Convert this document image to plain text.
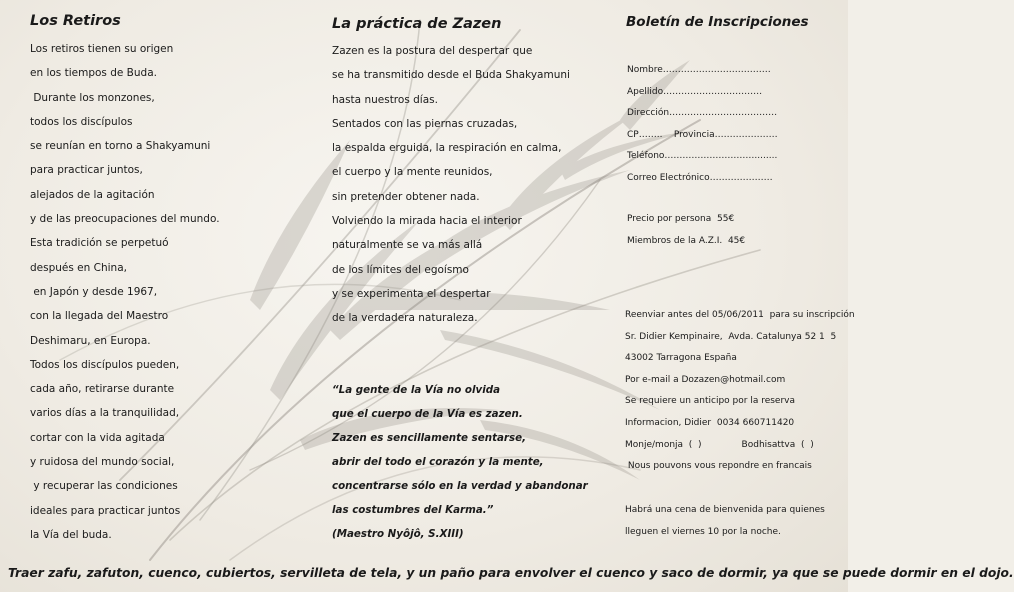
Los Retiros
Los retiros tienen su origen
en los tiempos de Buda.
Durante los monzones,
todos los discípulos
se reunían en torno a Shakyamuni
para practicar juntos,
alejados de la agitación
y de las preocupaciones del mundo.
Esta tradición se perpetuó
después en China,
en Japón y desde 1967,
con la llegada del Maestro
Deshimaru, en Europa.
Todos los discípulos pueden,
cada año, retirarse durante
varios días a la tranquilidad,
cortar con la vida agitada
y ruidosa del mundo social,
y recuperar las condiciones
ideales para practicar juntos
la Vía del buda.
La práctica de Zazen
Zazen es la postura del despertar que
se ha transmitido desde el Buda Shakyamuni
hasta nuestros días.
Sentados con las piernas cruzadas,
la espalda erguida, la respiración en calma,
el cuerpo y la mente reunidos,
sin pretender obtener nada.
Volviendo la mirada hacia el interior
naturalmente se va más allá
de los límites del egoísmo
y se experimenta el despertar
de la verdadera naturaleza.
“La gente de la Vía no olvida
que el cuerpo de la Vía es zazen.
Zazen es sencillamente sentarse,
abrir del todo el corazón y la mente,
concentrarse sólo en la verdad y abandonar
las costumbres del Karma.”
(Maestro Nyôjô, S.XIII)
Boletín de Inscripciones
Nombre………………………………
Apellido……………………………
Dirección………………………………
CP……..    Provincia…………………
Teléfono…………………………........
Correo Electrónico…………………
Precio por persona  55€
Miembros de la A.Z.I.  45€
Reenviar antes del 05/06/2011  para su inscripción
Sr. Didier Kempinaire,  Avda. Catalunya 52 1  5
43002 Tarragona España
Por e-mail a Dozazen@hotmail.com
Se requiere un anticipo por la reserva
Informacion, Didier  0034 660711420
Monje/monja  (  )              Bodhisattva  (  )
Nous pouvons vous repondre en francais
Habrá una cena de bienvenida para quienes
lleguen el viernes 10 por la noche.
Traer zafu, zafuton, cuenco, cubiertos, servilleta de tela, y un paño para envolver el cuenco y saco de dormir, ya que se puede dormir en el dojo.
